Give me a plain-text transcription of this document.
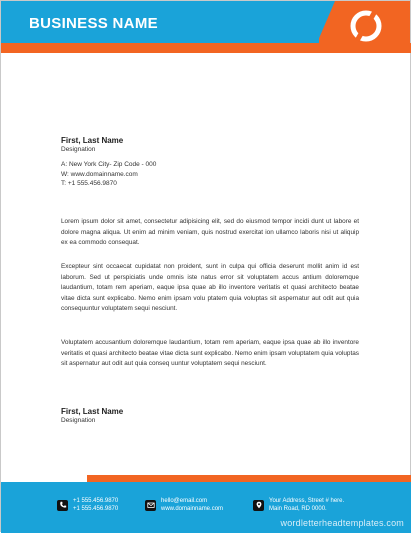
BUSINESS NAME
First, Last Name
Designation
A: New York City- Zip Code - 000
W: www.domainname.com
T: +1 555.456.9870
Lorem ipsum dolor sit amet, consectetur adipisicing elit, sed do eiusmod tempor incidi dunt ut labore et dolore magna aliqua. Ut enim ad minim veniam, quis nostrud exercitat ion ullamco laboris nisi ut aliquip ex ea commodo consequat.
Excepteur sint occaecat cupidatat non proident, sunt in culpa qui officia deserunt mollit anim id est laborum. Sed ut perspiciatis unde omnis iste natus error sit voluptatem accus antium doloremque laudantium, totam rem aperiam, eaque ipsa quae ab illo inventore veritatis et quasi architecto beatae vitae dicta sunt explicabo. Nemo enim ipsam volu ptatem quia voluptas sit aspernatur aut odit aut quia consequuntur voluptatem sequi nesciunt.
Voluptatem accusantium doloremque laudantium, totam rem aperiam, eaque ipsa quae ab illo inventore veritatis et quasi architecto beatae vitae dicta sunt explicabo. Nemo enim ipsam voluptatem quia voluptas sit aspernatur aut odit aut quia conseq uuntur voluptatem sequi nesciunt.
First, Last Name
Designation
+1 555.456.9870
+1 555.456.9870
hello@email.com
www.domainname.com
Your Address, Street # here.
Main Road, RD 0000.
wordletterheadtemplates.com
